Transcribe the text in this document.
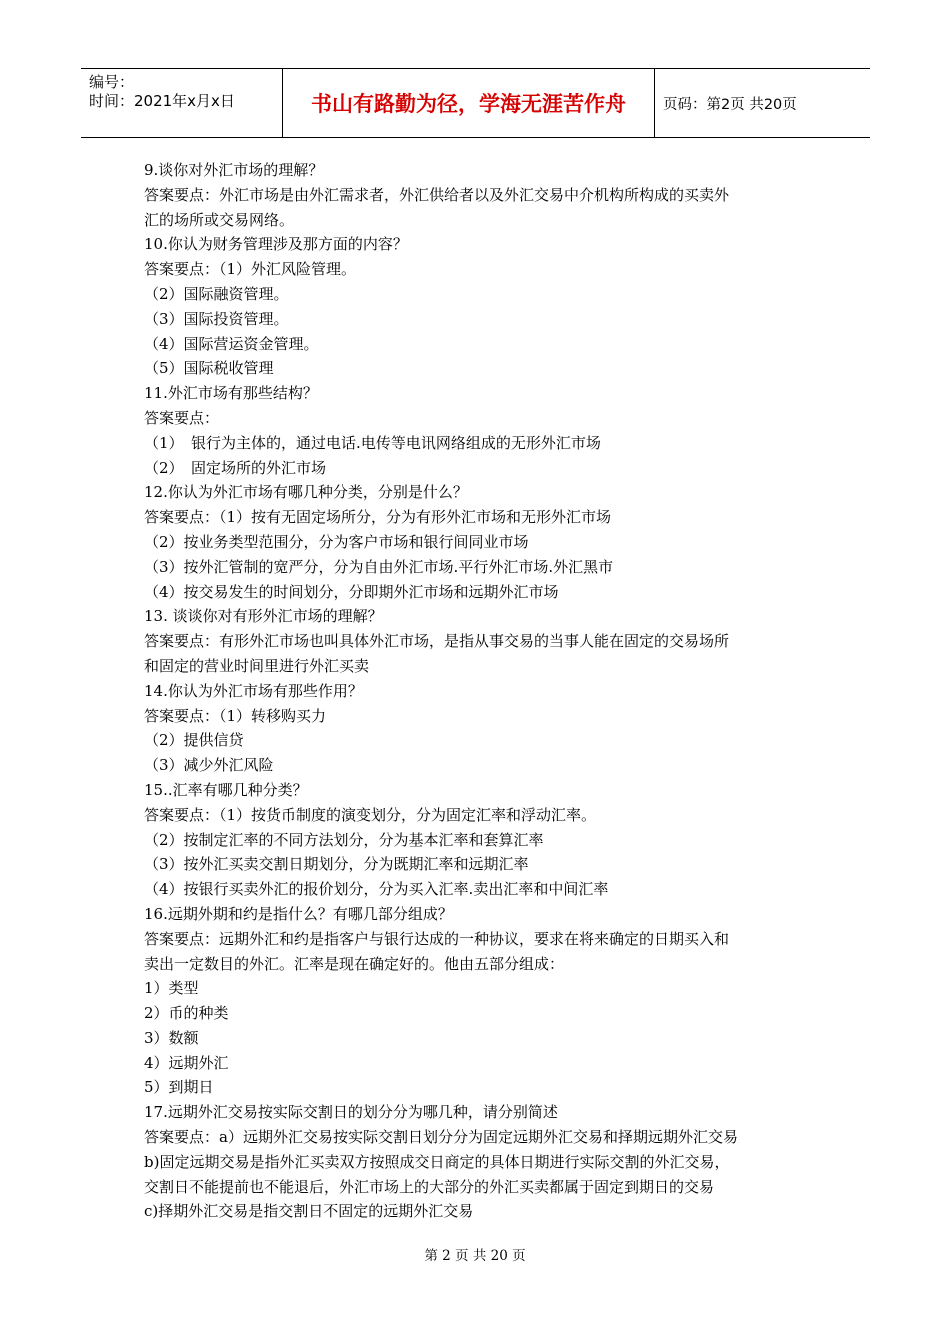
编号：
时间：2021年x月x日	书山有路勤为径，学海无涯苦作舟	页码：第2页 共20页
9.谈你对外汇市场的理解？
答案要点：外汇市场是由外汇需求者，外汇供给者以及外汇交易中介机构所构成的买卖外
汇的场所或交易网络。
10.你认为财务管理涉及那方面的内容？
答案要点：（1）外汇风险管理。
（2）国际融资管理。
（3）国际投资管理。
（4）国际营运资金管理。
（5）国际税收管理
11.外汇市场有那些结构？
答案要点：
（1）　银行为主体的，通过电话.电传等电讯网络组成的无形外汇市场
（2）　固定场所的外汇市场
12.你认为外汇市场有哪几种分类，分别是什么？
答案要点：（1）按有无固定场所分，分为有形外汇市场和无形外汇市场
（2）按业务类型范围分，分为客户市场和银行间同业市场
（3）按外汇管制的宽严分，分为自由外汇市场.平行外汇市场.外汇黑市
（4）按交易发生的时间划分，分即期外汇市场和远期外汇市场
13. 谈谈你对有形外汇市场的理解？
答案要点：有形外汇市场也叫具体外汇市场，是指从事交易的当事人能在固定的交易场所
和固定的营业时间里进行外汇买卖
14.你认为外汇市场有那些作用？
答案要点：（1）转移购买力
（2）提供信贷
（3）减少外汇风险
15..汇率有哪几种分类？
答案要点：（1）按货币制度的演变划分，分为固定汇率和浮动汇率。
（2）按制定汇率的不同方法划分，分为基本汇率和套算汇率
（3）按外汇买卖交割日期划分，分为既期汇率和远期汇率
（4）按银行买卖外汇的报价划分，分为买入汇率.卖出汇率和中间汇率
16.远期外期和约是指什么？有哪几部分组成？
答案要点：远期外汇和约是指客户与银行达成的一种协议，要求在将来确定的日期买入和
卖出一定数目的外汇。汇率是现在确定好的。他由五部分组成：
1）类型
2）币的种类
3）数额
4）远期外汇
5）到期日
17.远期外汇交易按实际交割日的划分分为哪几种，请分别简述
答案要点：a）远期外汇交易按实际交割日划分分为固定远期外汇交易和择期远期外汇交易
b)固定远期交易是指外汇买卖双方按照成交日商定的具体日期进行实际交割的外汇交易，
交割日不能提前也不能退后，外汇市场上的大部分的外汇买卖都属于固定到期日的交易
c)择期外汇交易是指交割日不固定的远期外汇交易
第 2 页 共 20 页
